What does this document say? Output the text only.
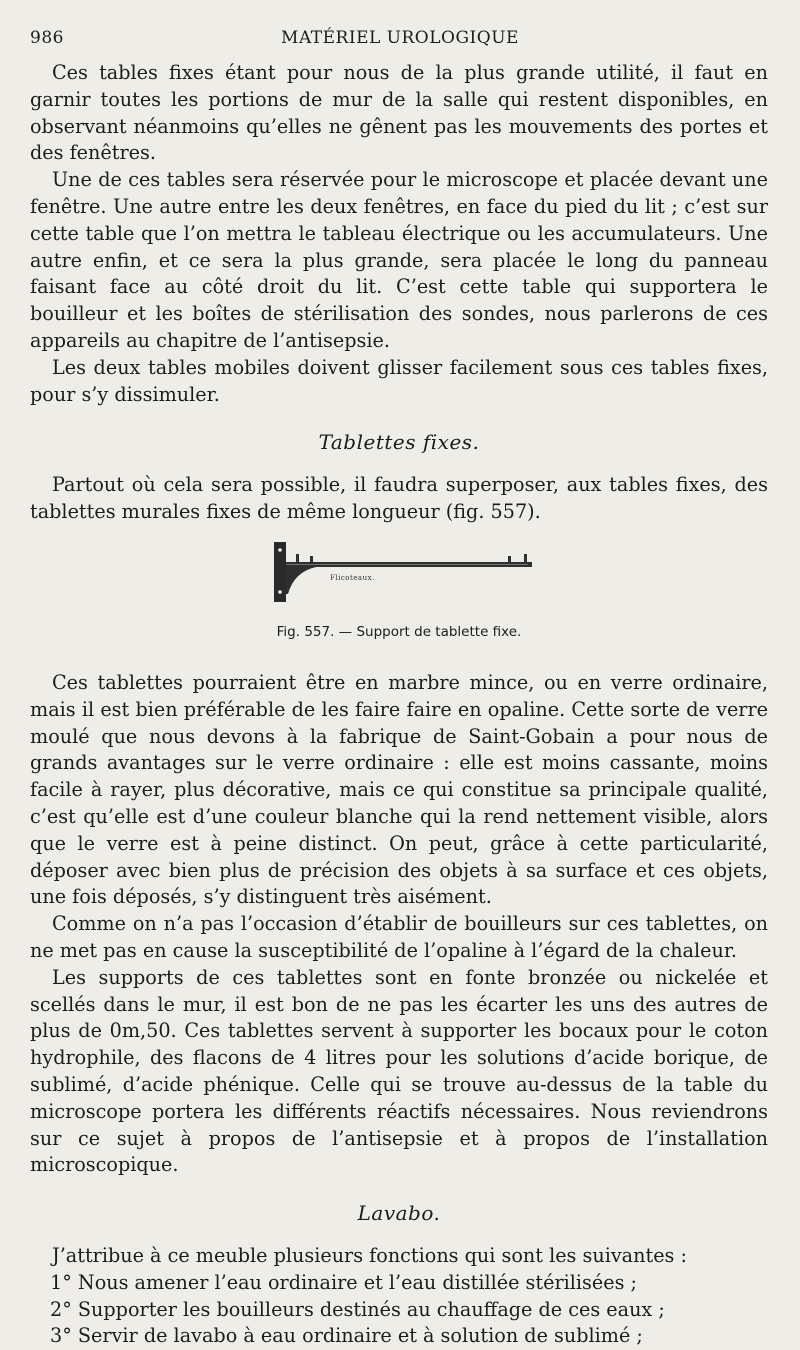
986	MATÉRIEL UROLOGIQUE

Ces tables fixes étant pour nous de la plus grande utilité, il faut en garnir toutes les portions de mur de la salle qui restent disponibles, en observant néanmoins qu’elles ne gênent pas les mouvements des portes et des fenêtres.

Une de ces tables sera réservée pour le microscope et placée devant une fenêtre. Une autre entre les deux fenêtres, en face du pied du lit ; c’est sur cette table que l’on mettra le tableau électrique ou les accumulateurs. Une autre enfin, et ce sera la plus grande, sera placée le long du panneau faisant face au côté droit du lit. C’est cette table qui supportera le bouilleur et les boîtes de stérilisation des sondes, nous parlerons de ces appareils au chapitre de l’antisepsie.

Les deux tables mobiles doivent glisser facilement sous ces tables fixes, pour s’y dissimuler.

Tablettes fixes.

Partout où cela sera possible, il faudra superposer, aux tables fixes, des tablettes murales fixes de même longueur (fig. 557).

Flicoteaux.
Fig. 557. — Support de tablette fixe.

Ces tablettes pourraient être en marbre mince, ou en verre ordinaire, mais il est bien préférable de les faire faire en opaline. Cette sorte de verre moulé que nous devons à la fabrique de Saint-Gobain a pour nous de grands avantages sur le verre ordinaire : elle est moins cassante, moins facile à rayer, plus décorative, mais ce qui constitue sa principale qualité, c’est qu’elle est d’une couleur blanche qui la rend nettement visible, alors que le verre est à peine distinct. On peut, grâce à cette particularité, déposer avec bien plus de précision des objets à sa surface et ces objets, une fois déposés, s’y distinguent très aisément.

Comme on n’a pas l’occasion d’établir de bouilleurs sur ces tablettes, on ne met pas en cause la susceptibilité de l’opaline à l’égard de la chaleur.

Les supports de ces tablettes sont en fonte bronzée ou nickelée et scellés dans le mur, il est bon de ne pas les écarter les uns des autres de plus de 0m,50. Ces tablettes servent à supporter les bocaux pour le coton hydrophile, des flacons de 4 litres pour les solutions d’acide borique, de sublimé, d’acide phénique. Celle qui se trouve au-dessus de la table du microscope portera les différents réactifs nécessaires. Nous reviendrons sur ce sujet à propos de l’antisepsie et à propos de l’installation microscopique.

Lavabo.

J’attribue à ce meuble plusieurs fonctions qui sont les suivantes :

1° Nous amener l’eau ordinaire et l’eau distillée stérilisées ;

2° Supporter les bouilleurs destinés au chauffage de ces eaux ;

3° Servir de lavabo à eau ordinaire et à solution de sublimé ;
